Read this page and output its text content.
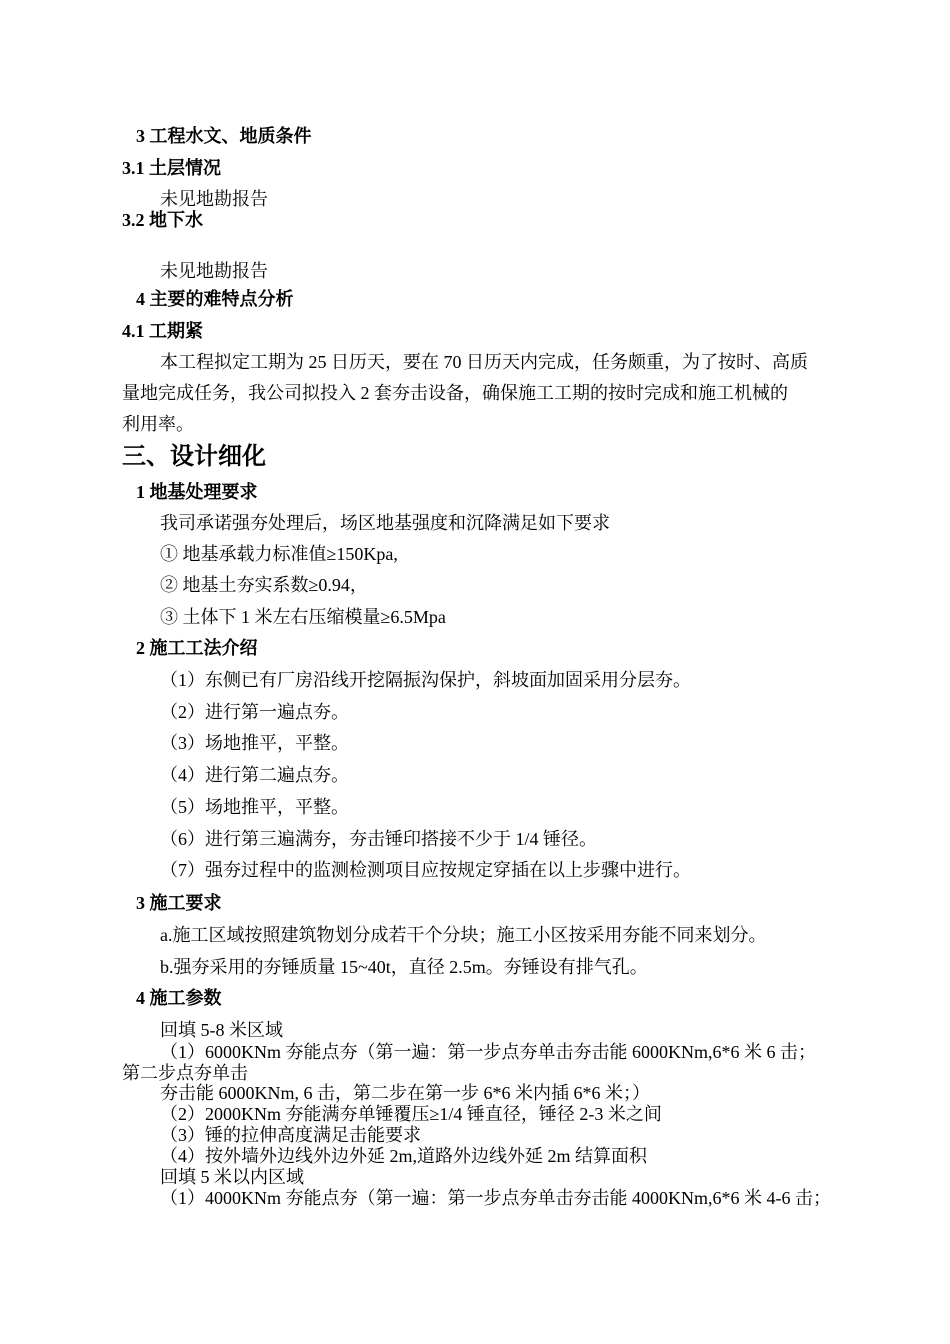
3 工程水文、地质条件
3.1 土层情况
未见地勘报告
3.2 地下水
未见地勘报告
4 主要的难特点分析
4.1 工期紧
本工程拟定工期为 25 日历天，要在 70 日历天内完成，任务颇重，为了按时、高质
量地完成任务，我公司拟投入 2 套夯击设备，确保施工工期的按时完成和施工机械的
利用率。
三、设计细化
1 地基处理要求
我司承诺强夯处理后，场区地基强度和沉降满足如下要求
① 地基承载力标准值≥150Kpa,
② 地基土夯实系数≥0.94，
③ 土体下 1 米左右压缩模量≥6.5Mpa
2 施工工法介绍
（1）东侧已有厂房沿线开挖隔振沟保护，斜坡面加固采用分层夯。
（2）进行第一遍点夯。
（3）场地推平，平整。
（4）进行第二遍点夯。
（5）场地推平，平整。
（6）进行第三遍满夯，夯击锤印搭接不少于 1/4 锤径。
（7）强夯过程中的监测检测项目应按规定穿插在以上步骤中进行。
3 施工要求
a.施工区域按照建筑物划分成若干个分块；施工小区按采用夯能不同来划分。
b.强夯采用的夯锤质量 15~40t，直径 2.5m。夯锤设有排气孔。
4 施工参数
回填 5-8 米区域
（1）6000KNm 夯能点夯（第一遍：第一步点夯单击夯击能 6000KNm,6*6 米 6 击；
第二步点夯单击
夯击能 6000KNm, 6 击，第二步在第一步 6*6 米内插 6*6 米；）
（2）2000KNm 夯能满夯单锤覆压≥1/4 锤直径，锤径 2-3 米之间
（3）锤的拉伸高度满足击能要求
（4）按外墙外边线外边外延 2m,道路外边线外延 2m 结算面积
回填 5 米以内区域
（1）4000KNm 夯能点夯（第一遍：第一步点夯单击夯击能 4000KNm,6*6 米 4-6 击；
